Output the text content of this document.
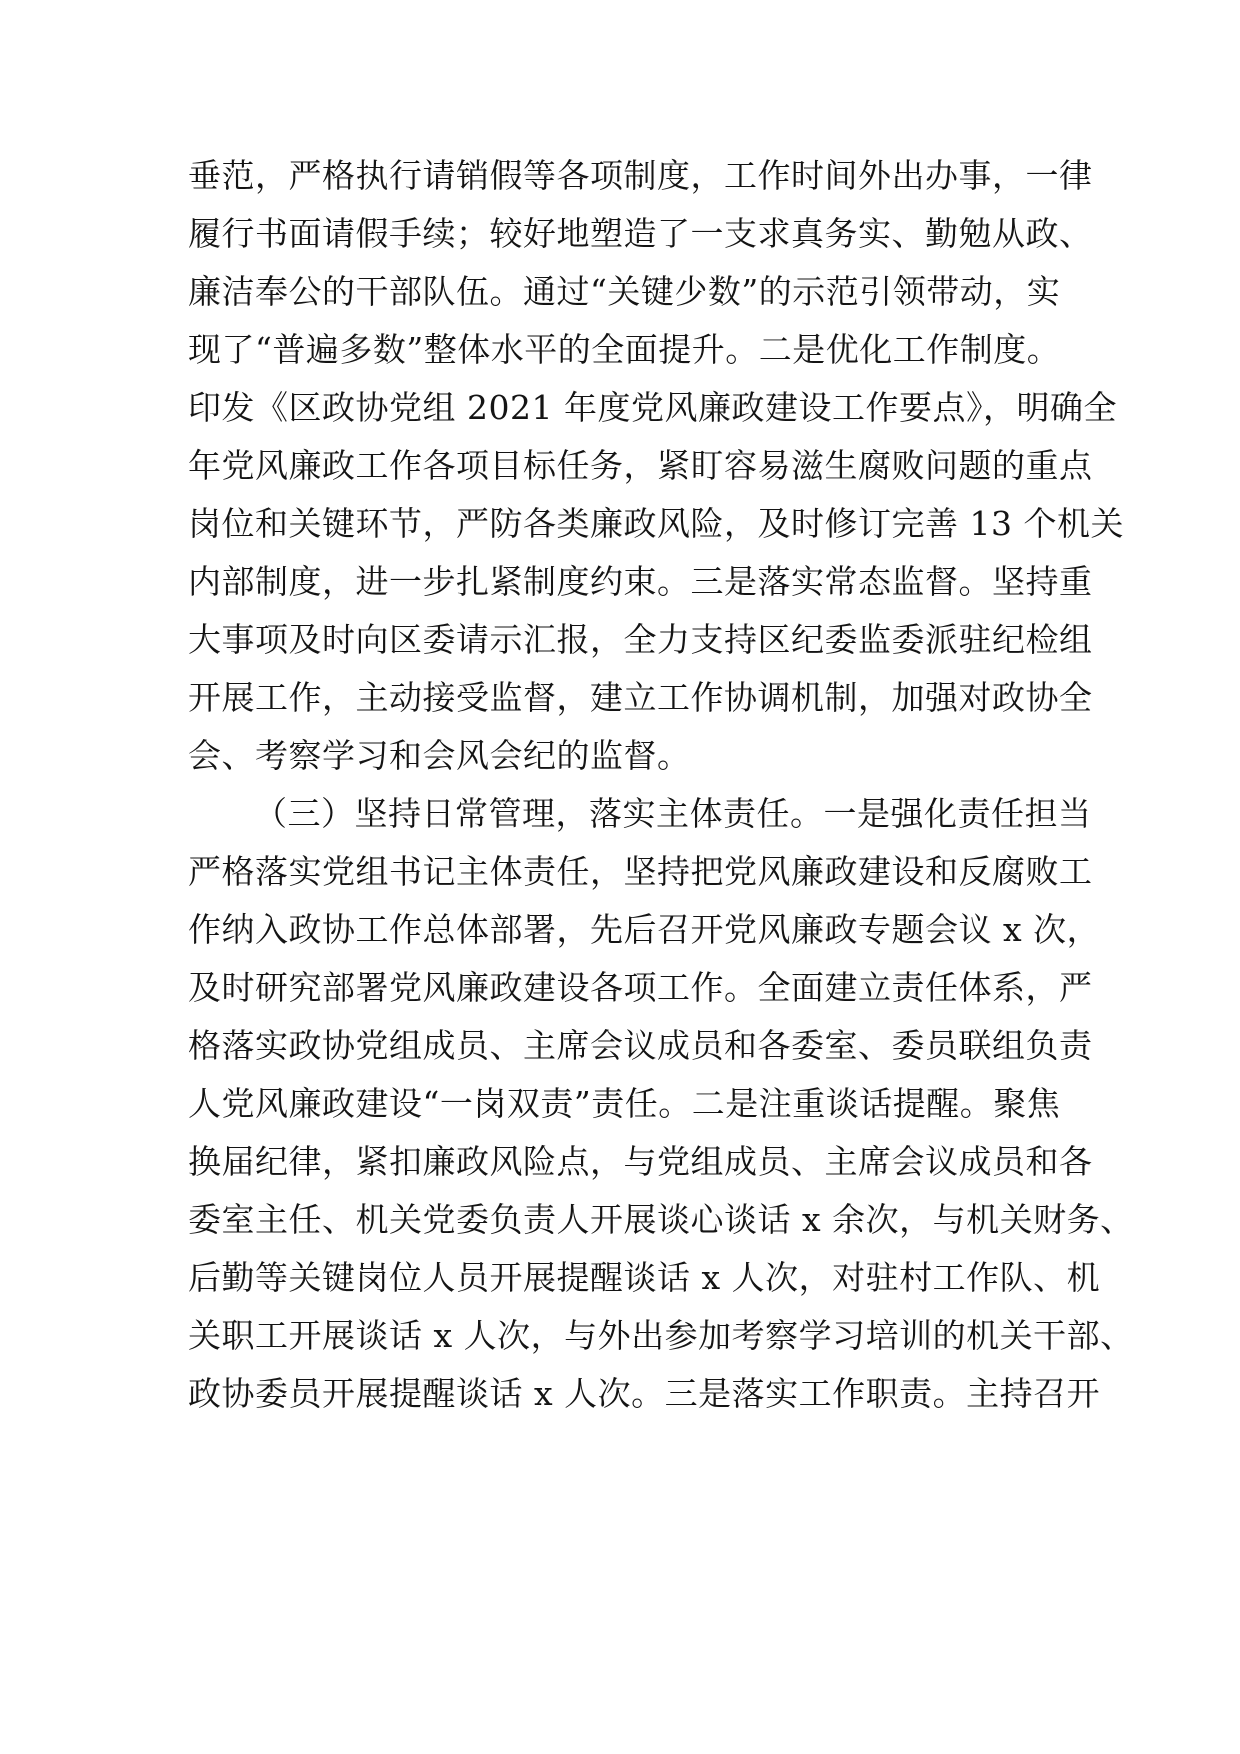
垂范，严格执行请销假等各项制度，工作时间外出办事，一律
履行书面请假手续；较好地塑造了一支求真务实、勤勉从政、
廉洁奉公的干部队伍。通过“关键少数”的示范引领带动，实
现了“普遍多数”整体水平的全面提升。二是优化工作制度。
印发《区政协党组 2021 年度党风廉政建设工作要点》，明确全
年党风廉政工作各项目标任务，紧盯容易滋生腐败问题的重点
岗位和关键环节，严防各类廉政风险，及时修订完善 13 个机关
内部制度，进一步扎紧制度约束。三是落实常态监督。坚持重
大事项及时向区委请示汇报，全力支持区纪委监委派驻纪检组
开展工作，主动接受监督，建立工作协调机制，加强对政协全
会、考察学习和会风会纪的监督。
（三）坚持日常管理，落实主体责任。一是强化责任担当
严格落实党组书记主体责任，坚持把党风廉政建设和反腐败工
作纳入政协工作总体部署，先后召开党风廉政专题会议 x 次，
及时研究部署党风廉政建设各项工作。全面建立责任体系，严
格落实政协党组成员、主席会议成员和各委室、委员联组负责
人党风廉政建设“一岗双责”责任。二是注重谈话提醒。聚焦
换届纪律，紧扣廉政风险点，与党组成员、主席会议成员和各
委室主任、机关党委负责人开展谈心谈话 x 余次，与机关财务、
后勤等关键岗位人员开展提醒谈话 x 人次，对驻村工作队、机
关职工开展谈话 x 人次，与外出参加考察学习培训的机关干部、
政协委员开展提醒谈话 x 人次。三是落实工作职责。主持召开
